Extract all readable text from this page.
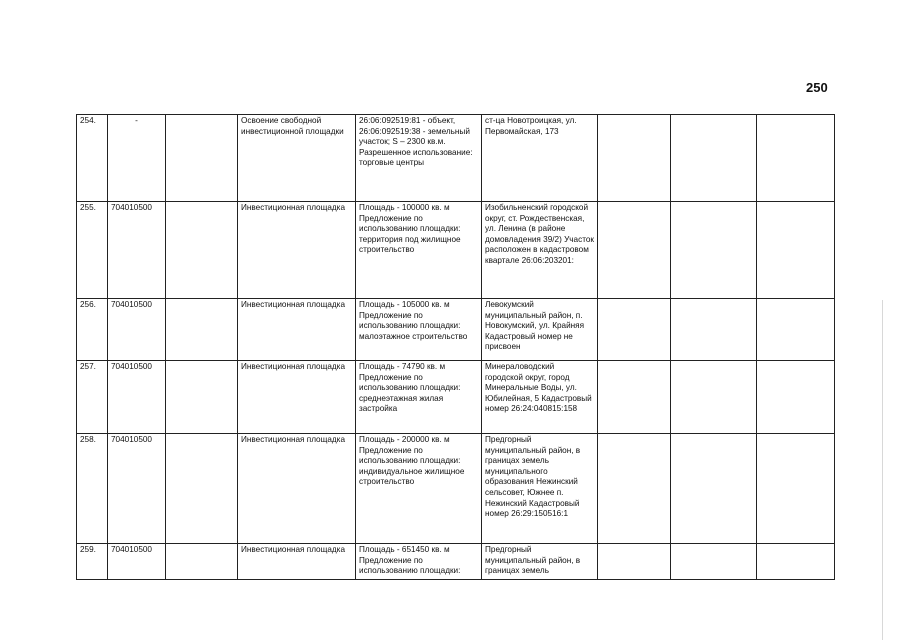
250
254.	-		Освоение свободной инвестиционной площадки	26:06:092519:81 - объект, 26:06:092519:38 - земельный участок; S – 2300 кв.м. Разрешенное использование: торговые центры	ст-ца Новотроицкая, ул. Первомайская, 173			
255.	704010500		Инвестиционная площадка	Площадь - 100000 кв. м Предложение по использованию площадки: территория под жилищное строительство	Изобильненский городской округ, ст. Рождественская, ул. Ленина (в районе домовладения 39/2) Участок расположен в кадастровом квартале 26:06:203201:			
256.	704010500		Инвестиционная площадка	Площадь - 105000 кв. м Предложение по использованию площадки: малоэтажное строительство	Левокумский муниципальный район, п. Новокумский, ул. Крайняя Кадастровый номер не присвоен			
257.	704010500		Инвестиционная площадка	Площадь - 74790 кв. м Предложение по использованию площадки: среднеэтажная жилая застройка	Минераловодский городской округ, город Минеральные Воды, ул. Юбилейная, 5 Кадастровый номер 26:24:040815:158			
258.	704010500		Инвестиционная площадка	Площадь - 200000 кв. м Предложение по использованию площадки: индивидуальное жилищное строительство	Предгорный муниципальный район, в границах земель муниципального образования Нежинский сельсовет, Южнее п. Нежинский Кадастровый номер 26:29:150516:1			
259.	704010500		Инвестиционная площадка	Площадь - 651450 кв. м Предложение по использованию площадки:	Предгорный муниципальный район, в границах земель			
